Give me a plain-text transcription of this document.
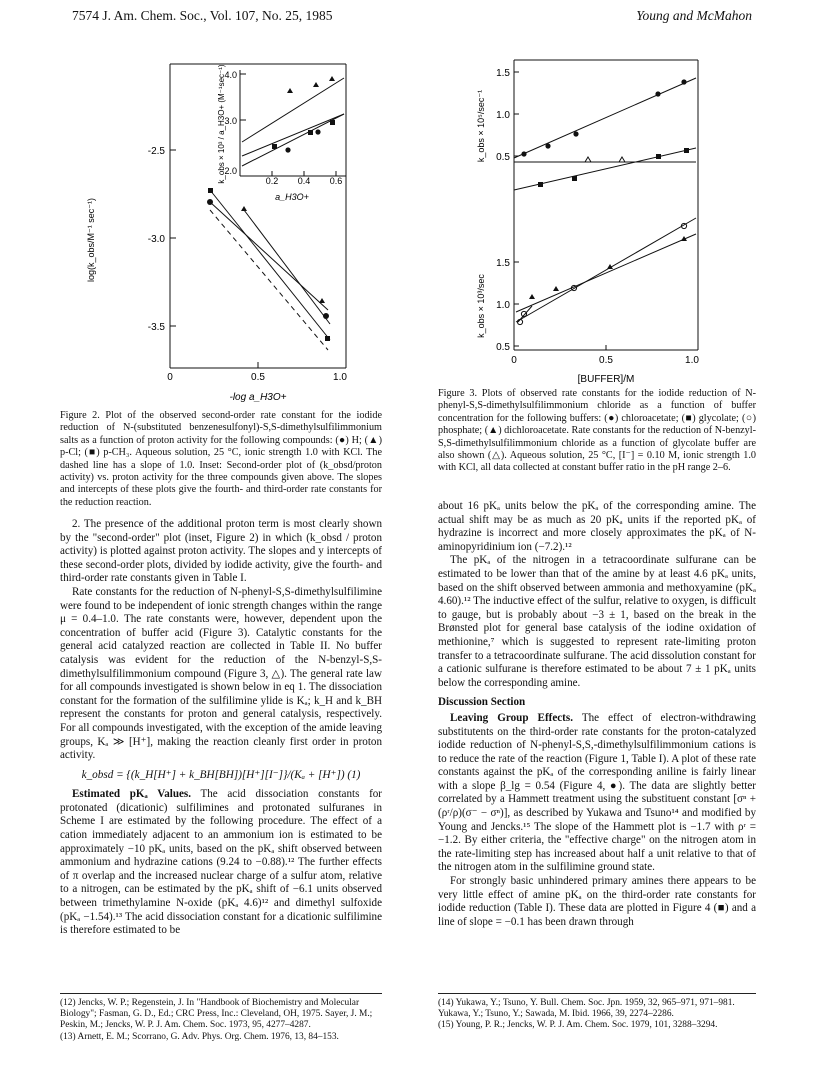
7574 J. Am. Chem. Soc., Vol. 107, No. 25, 1985	Young and McMahon
-2.5
-3.0
-3.5
0	0.5	1.0
4.0
3.0
2.0
0.2 0.4 0.6
a_H3O+
k_obs × 10³ / a_H3O+ (M⁻¹sec⁻¹)
log(k_obs/M⁻¹ sec⁻¹)
-log a_H3O+
Figure 2. Plot of the observed second-order rate constant for the iodide reduction of N-(substituted benzenesulfonyl)-S,S-dimethylsulfilimmonium salts as a function of proton activity for the following compounds: (●) H; (▲) p-Cl; (■) p-CH₃. Aqueous solution, 25 °C, ionic strength 1.0 with KCl. The dashed line has a slope of 1.0. Inset: Second-order plot of (k_obsd/proton activity) vs. proton activity for the three compounds given above. The slopes and intercepts of these plots give the fourth- and third-order rate constants for the reduction reaction.

2. The presence of the additional proton term is most clearly shown by the "second-order" plot (inset, Figure 2) in which (k_obsd / proton activity) is plotted against proton activity. The slopes and y intercepts of these second-order plots, divided by iodide activity, give the fourth- and third-order rate constants given in Table I.

Rate constants for the reduction of N-phenyl-S,S-dimethylsulfilimine were found to be independent of ionic strength changes within the range μ = 0.4–1.0. The rate constants were, however, dependent upon the concentration of buffer acid (Figure 3). Catalytic constants for the general acid catalyzed reaction are collected in Table II. No buffer catalysis was evident for the reduction of the N-benzyl-S,S-dimethylsulfilimmonium compound (Figure 3, △). The general rate law for all compounds investigated is shown below in eq 1. The dissociation constant for the formation of the sulfilimine ylide is Kₐ; k_H and k_BH represent the constants for proton and general catalysis, respectively. For all compounds investigated, with the exception of the amide leaving groups, Kₐ ≫ [H⁺], making the reaction cleanly first order in proton activity.

k_obsd = {(k_H[H⁺] + k_BH[BH])[H⁺][I⁻]}/(Kₐ + [H⁺]) (1)

Estimated pKₐ Values. The acid dissociation constants for protonated (dicationic) sulfilimines and protonated sulfuranes in Scheme I are estimated by the following procedure. The effect of a cation immediately adjacent to an ammonium ion is estimated to be approximately −10 pKₐ units, based on the pKₐ shift observed between ammonium and hydrazine cations (9.24 to −0.88).¹² The further effects of π overlap and the increased nuclear charge of a sulfur atom, relative to a nitrogen, can be estimated by the pKₐ shift of −6.1 units observed between trimethylamine N-oxide (pKₐ 4.6)¹² and dimethyl sulfoxide (pKₐ −1.54).¹³ The acid dissociation constant for a dicationic sulfilimine is therefore estimated to be

1.5
1.0
0.5
1.5
1.0
0.5
0	0.5	1.0
[BUFFER]/M
k_obs × 10⁵/sec⁻¹
k_obs × 10³/sec
Figure 3. Plots of observed rate constants for the iodide reduction of N-phenyl-S,S-dimethylsulfilimmonium chloride as a function of buffer concentration for the following buffers: (●) chloroacetate; (■) glycolate; (○) phosphate; (▲) dichloroacetate. Rate constants for the reduction of N-benzyl-S,S-dimethylsulfilimmonium chloride as a function of glycolate buffer are also shown (△). Aqueous solution, 25 °C, [I⁻] = 0.10 M, ionic strength 1.0 with KCl, all data collected at constant buffer ratio in the pH range 2–6.

about 16 pKₐ units below the pKₐ of the corresponding amine. The actual shift may be as much as 20 pKₐ units if the reported pKₐ of hydrazine is incorrect and more closely approximates the pKₐ of N-aminopyridinium ion (−7.2).¹²

The pKₐ of the nitrogen in a tetracoordinate sulfurane can be estimated to be lower than that of the amine by at least 4.6 pKₐ units, based on the shift observed between ammonia and methoxyamine (pKₐ 4.60).¹² The inductive effect of the sulfur, relative to oxygen, is difficult to gauge, but is probably about −3 ± 1, based on the break in the Brønsted plot for general base catalysis of the iodine oxidation of methionine,⁷ which is suggested to represent rate-limiting proton transfer to a tetracoordinate sulfurane. The acid dissolution constant for a cationic sulfurane is therefore estimated to be about 7 ± 1 pKₐ units below the corresponding amine.

Discussion Section

Leaving Group Effects. The effect of electron-withdrawing substitutents on the third-order rate constants for the proton-catalyzed iodide reduction of N-phenyl-S,S,-dimethylsulfilimmonium cations is to reduce the rate of the reaction (Figure 1, Table I). A plot of these rate constants against the pKₐ of the corresponding aniline is fairly linear with a slope β_lg = 0.54 (Figure 4, ●). The data are slightly better correlated by a Hammett treatment using the substituent constant [σⁿ + (ρʳ/ρ)(σ⁻ − σⁿ)], as described by Yukawa and Tsuno¹⁴ and modified by Young and Jencks.¹⁵ The slope of the Hammett plot is −1.7 with ρʳ = −1.2. By either criteria, the "effective charge" on the nitrogen atom in the rate-limiting step has increased about half a unit relative to that of the nitrogen atom in the sulfilimine ground state.

For strongly basic unhindered primary amines there appears to be very little effect of amine pKₐ on the third-order rate constants for iodide reduction (Table I). These data are plotted in Figure 4 (■) and a line of slope = −0.1 has been drawn through

(12) Jencks, W. P.; Regenstein, J. In "Handbook of Biochemistry and Molecular Biology"; Fasman, G. D., Ed.; CRC Press, Inc.: Cleveland, OH, 1975. Sayer, J. M.; Peskin, M.; Jencks, W. P. J. Am. Chem. Soc. 1973, 95, 4277–4287.
(13) Arnett, E. M.; Scorrano, G. Adv. Phys. Org. Chem. 1976, 13, 84–153.
(14) Yukawa, Y.; Tsuno, Y. Bull. Chem. Soc. Jpn. 1959, 32, 965–971, 971–981. Yukawa, Y.; Tsuno, Y.; Sawada, M. Ibid. 1966, 39, 2274–2286.
(15) Young, P. R.; Jencks, W. P. J. Am. Chem. Soc. 1979, 101, 3288–3294.
